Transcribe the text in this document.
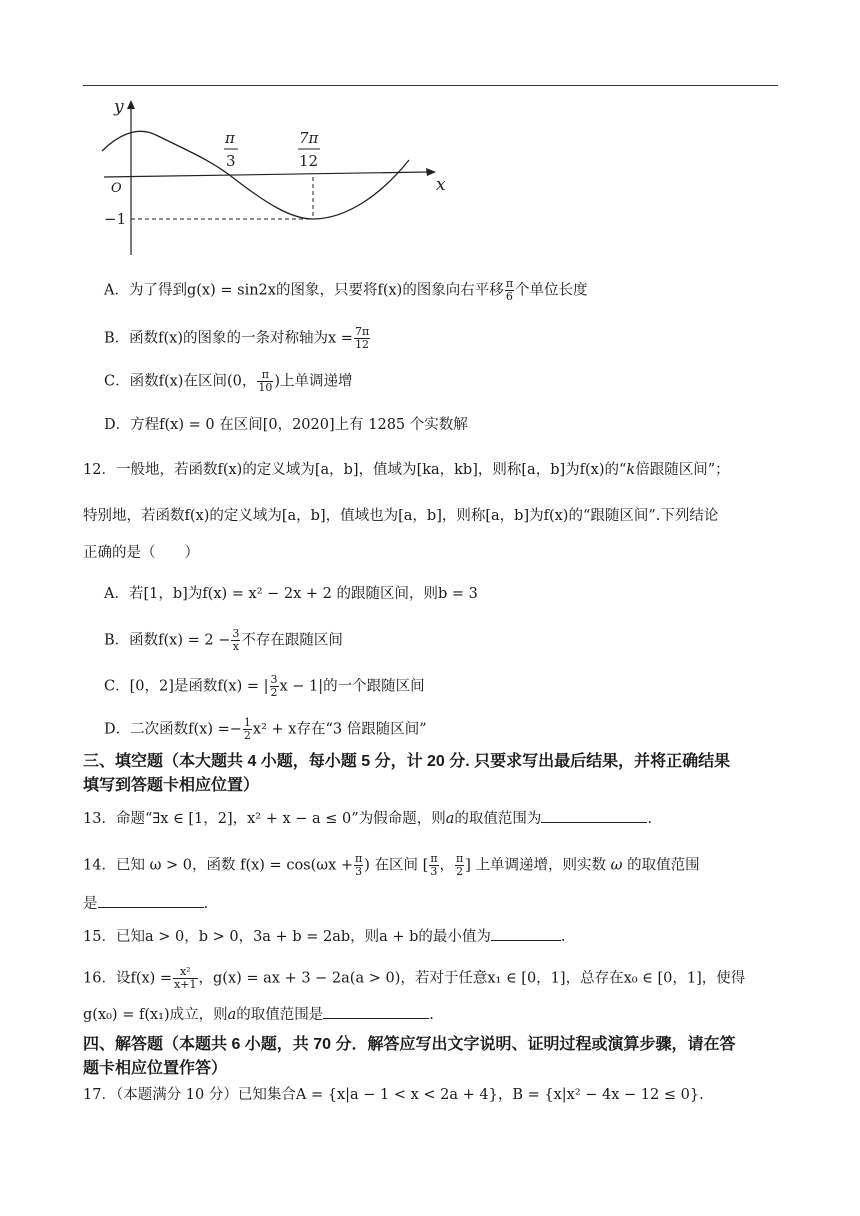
y
x
O
π
3
7π
12
−1
A．为了得到g(x) = sin2x的图象，只要将f(x)的图象向右平移 $\frac{\pi}{6}$ 个单位长度
B．函数f(x)的图象的一条对称轴为$x = \frac{7\pi}{12}$
C．函数f(x)在区间(0， $\frac{\pi}{10}$ )上单调递增
D．方程f(x) = 0 在区间[0，2020]上有 1285 个实数解
12．一般地，若函数f(x)的定义域为[a，b]，值域为[ka，kb]，则称[a，b]为f(x)的“k倍跟随区间”；
特别地，若函数f(x)的定义域为[a，b]，值域也为[a，b]，则称[a，b]为f(x)的“跟随区间”.下列结论
正确的是（　　）
A．若[1，b]为f(x) = x² − 2x + 2 的跟随区间，则b = 3
B．函数$f(x) = 2 - \frac{3}{x}$ 不存在跟随区间
C．[0，2]是函数f(x) = | $\frac{3}{2}$ x − 1|的一个跟随区间
D．二次函数$f(x) =- \frac{1}{2} x^2 + x$存在“3 倍跟随区间”
三、填空题（本大题共 4 小题，每小题 5 分，计 20 分. 只要求写出最后结果，并将正确结果
填写到答题卡相应位置）
13．命题“∃x ∈ [1，2]，x² + x − a ≤ 0”为假命题，则a的取值范围为	.
14．已知 ω > 0，函数 $f(x) = \cos(\omega x + \frac{\pi}{3}$ ) 在区间 [ $\frac{\pi}{3}$ ， $\frac{\pi}{2}$ ] 上单调递增，则实数 ω 的取值范围
是	.
15．已知a > 0，b > 0，3a + b = 2ab，则a + b的最小值为	.
16．设$f(x) = \frac{\text{x²}}{x+1}$ ，g(x) = ax + 3 − 2a(a > 0)，若对于任意x₁ ∈ [0，1]，总存在x₀ ∈ [0，1]，使得
g(x₀) = f(x₁)成立，则a的取值范围是	.
四、解答题（本题共 6 小题，共 70 分．解答应写出文字说明、证明过程或演算步骤，请在答
题卡相应位置作答）
17．（本题满分 10 分）已知集合A = {x|a − 1 < x < 2a + 4}，B = {x|x² − 4x − 12 ≤ 0}.
